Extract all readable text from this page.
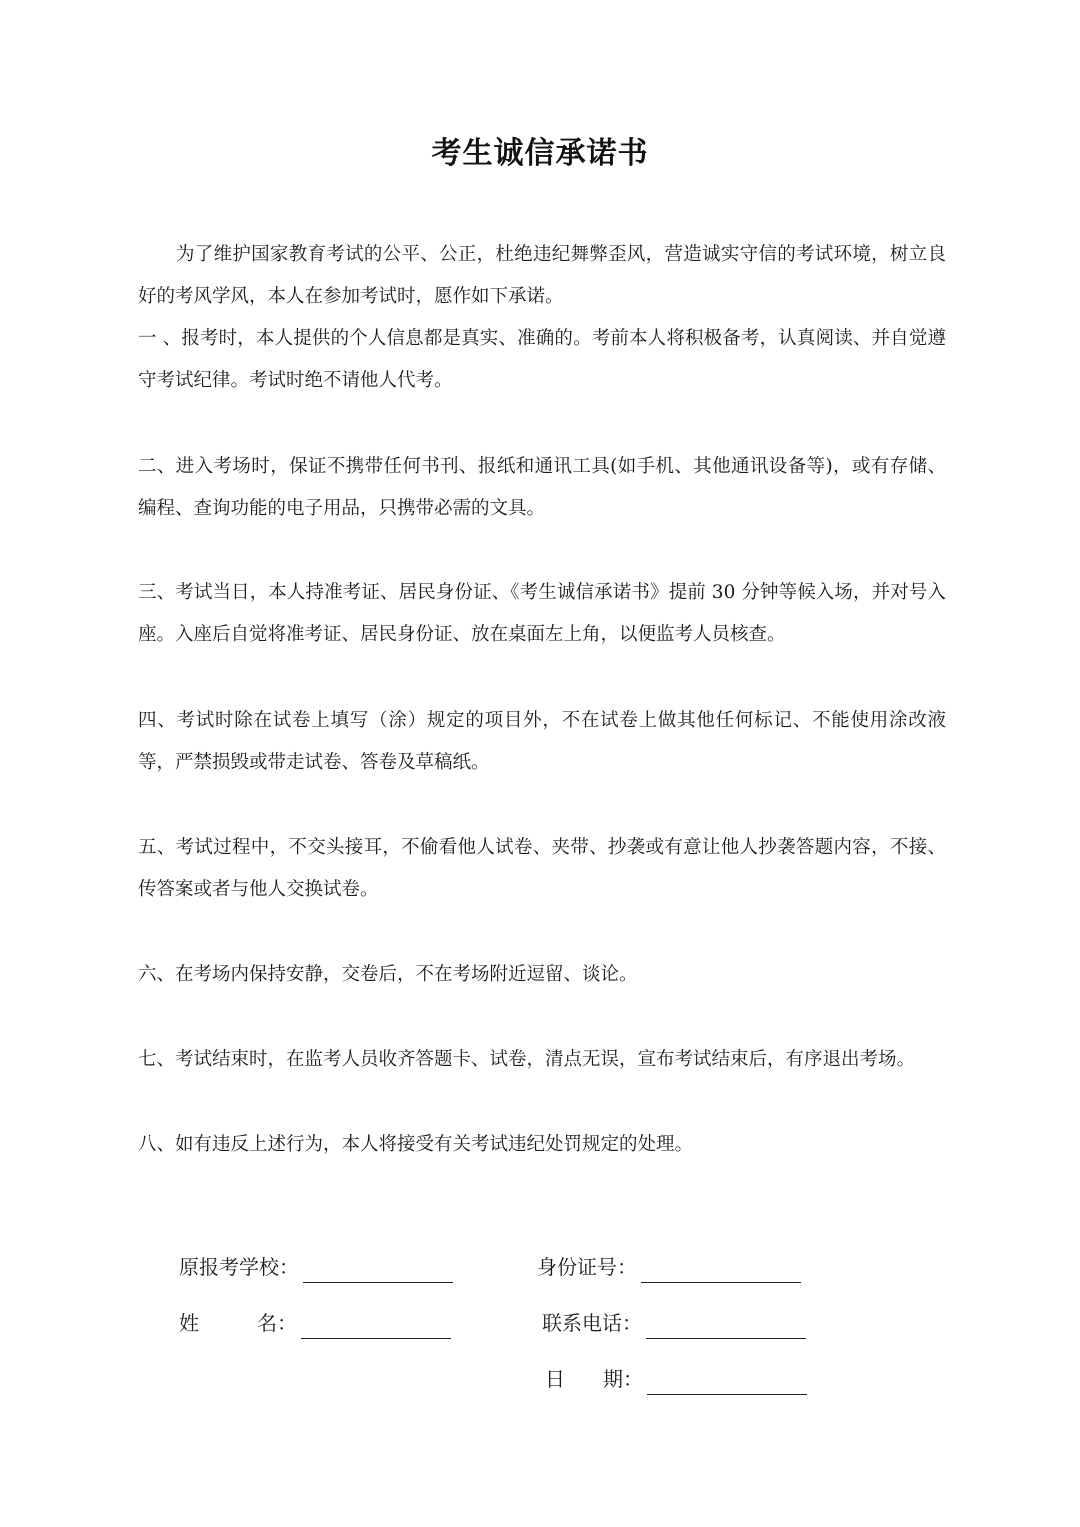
考生诚信承诺书

为了维护国家教育考试的公平、公正，杜绝违纪舞弊歪风，营造诚实守信的考试环境，树立良好的考风学风，本人在参加考试时，愿作如下承诺。

一 、报考时，本人提供的个人信息都是真实、准确的。考前本人将积极备考，认真阅读、并自觉遵守考试纪律。考试时绝不请他人代考。

二、进入考场时，保证不携带任何书刊、报纸和通讯工具(如手机、其他通讯设备等)，或有存储、编程、查询功能的电子用品，只携带必需的文具。

三、考试当日，本人持准考证、居民身份证、《考生诚信承诺书》提前 30 分钟等候入场，并对号入座。入座后自觉将准考证、居民身份证、放在桌面左上角，以便监考人员核查。

四、考试时除在试卷上填写（涂）规定的项目外，不在试卷上做其他任何标记、不能使用涂改液等，严禁损毁或带走试卷、答卷及草稿纸。

五、考试过程中，不交头接耳，不偷看他人试卷、夹带、抄袭或有意让他人抄袭答题内容，不接、传答案或者与他人交换试卷。

六、在考场内保持安静，交卷后，不在考场附近逗留、谈论。

七、考试结束时，在监考人员收齐答题卡、试卷，清点无误，宣布考试结束后，有序退出考场。

八、如有违反上述行为，本人将接受有关考试违纪处罚规定的处理。

原报考学校：	身份证号：
姓	名：	联系电话：
日 期：
